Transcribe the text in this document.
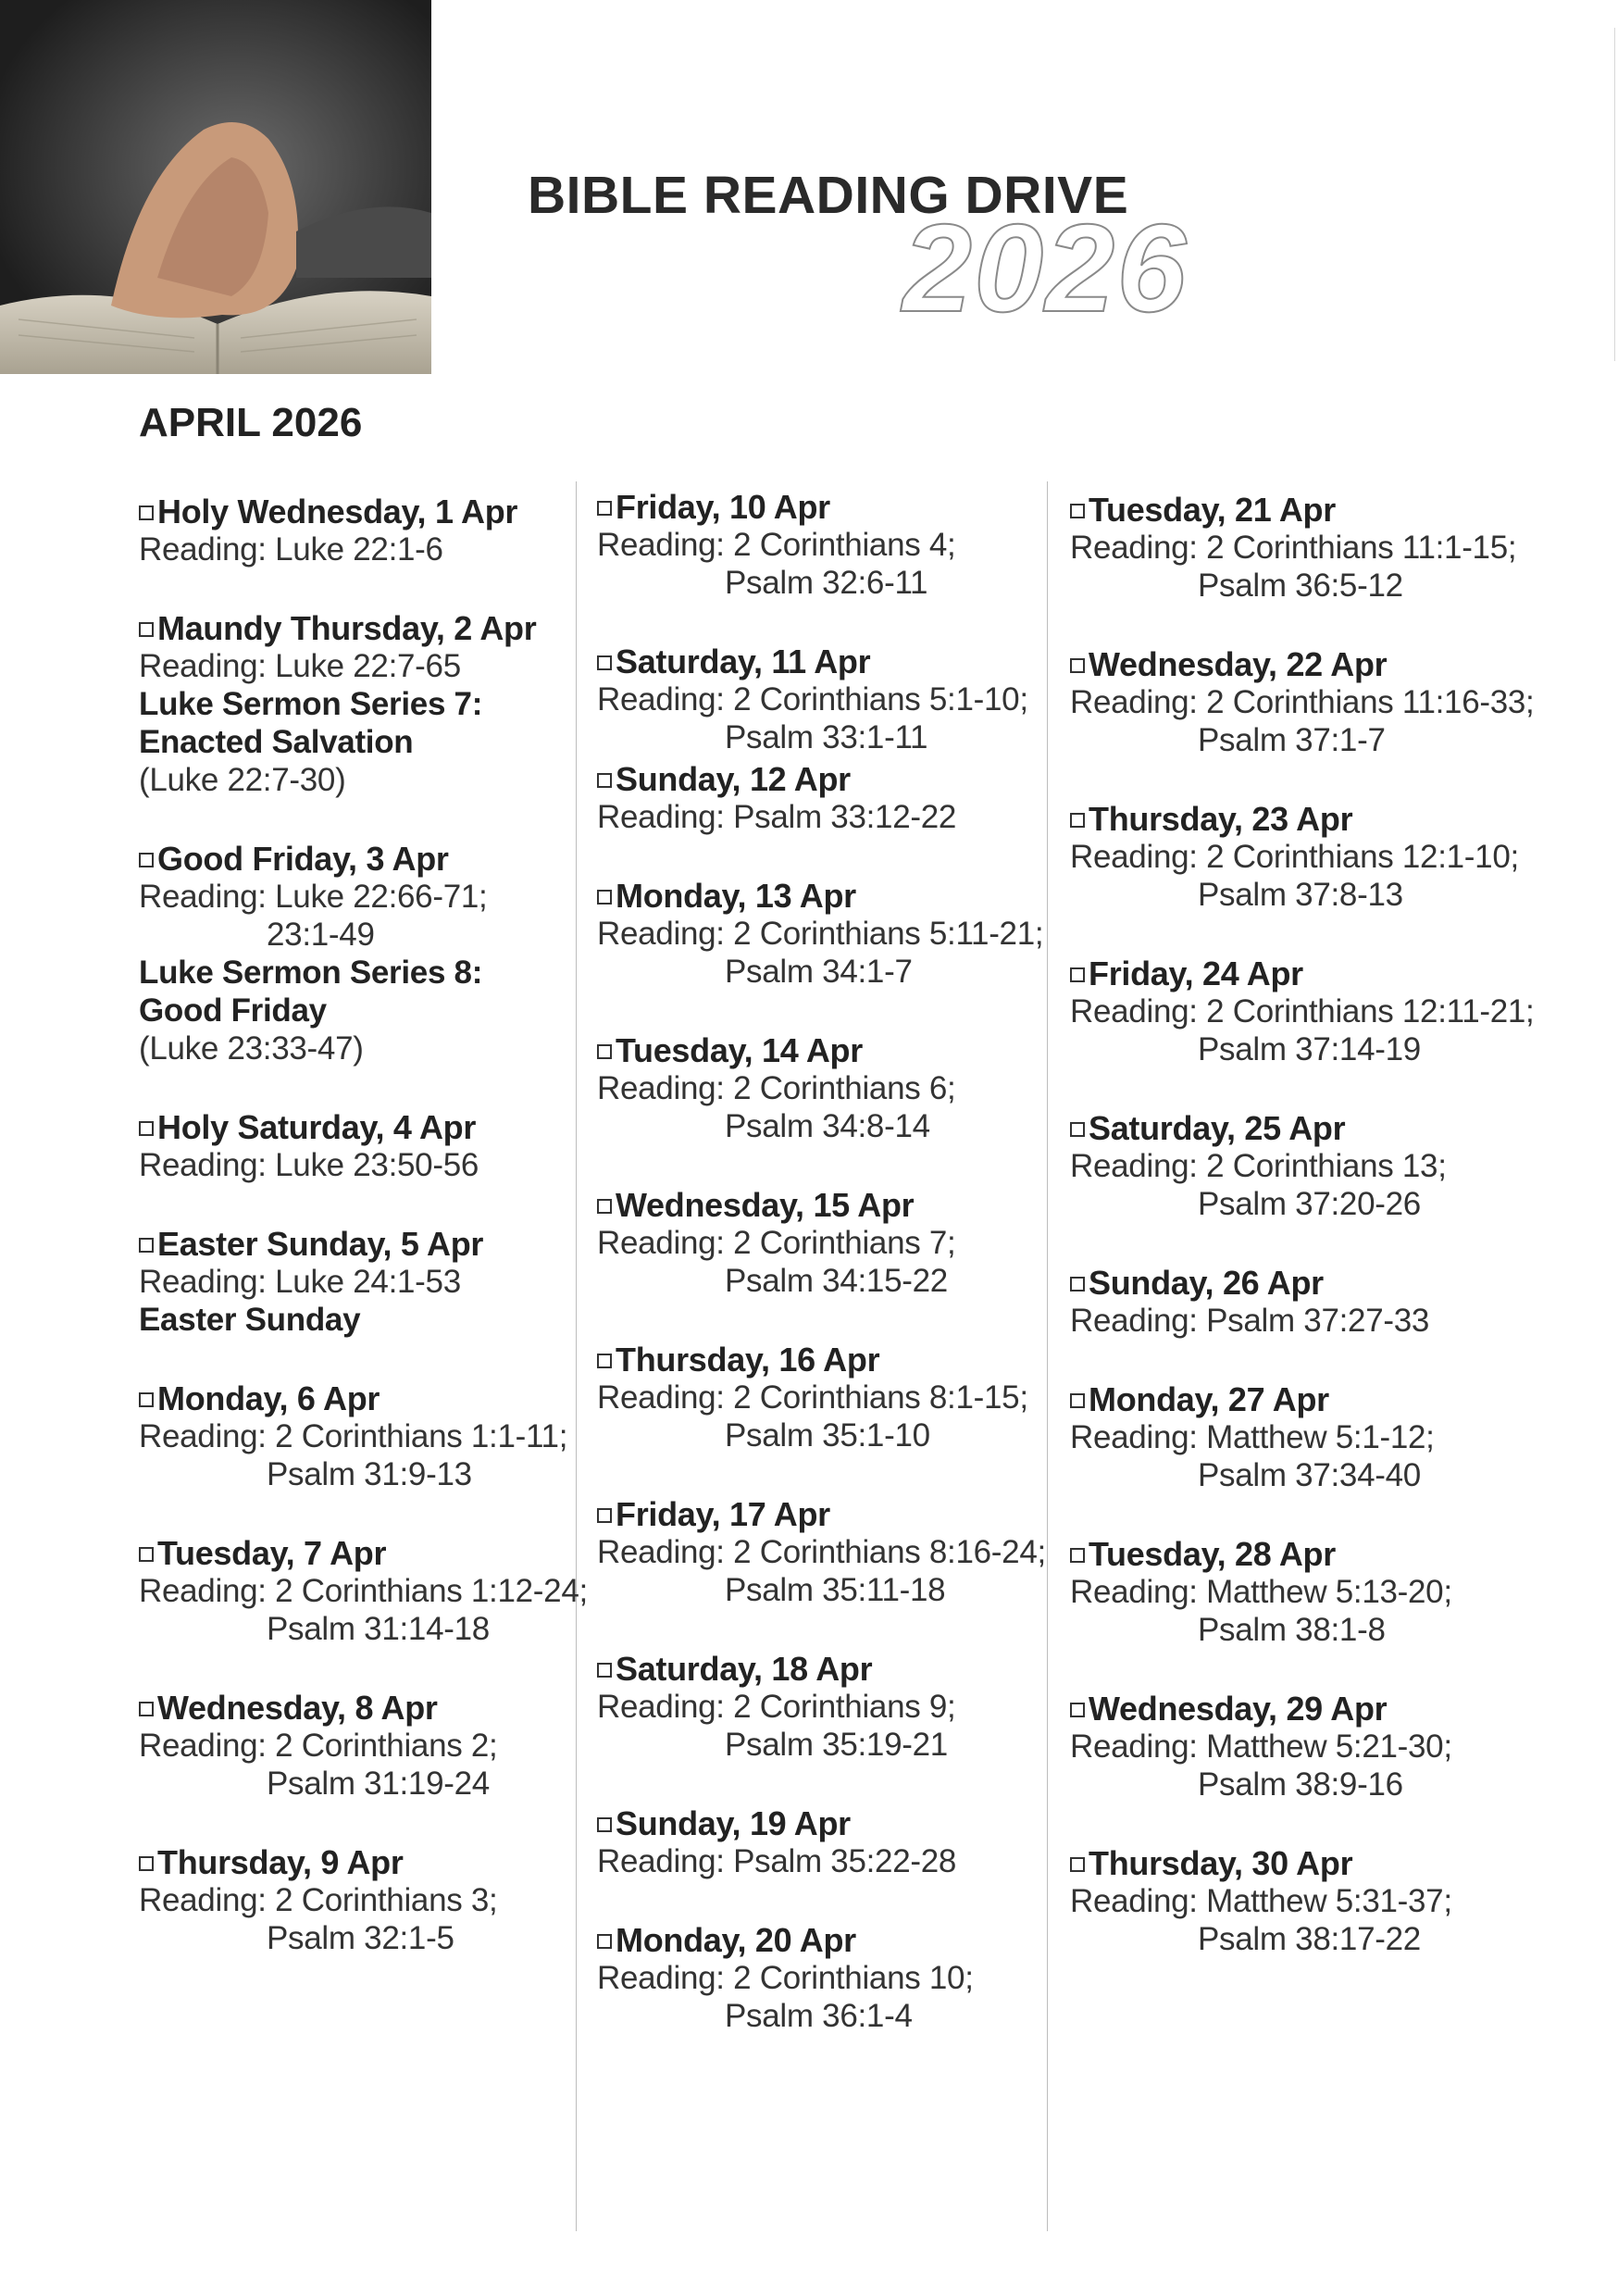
BIBLE READING DRIVE
2026
APRIL 2026
Holy Wednesday, 1 Apr
Reading: Luke 22:1-6
Maundy Thursday, 2 Apr
Reading: Luke 22:7-65
Luke Sermon Series 7:
Enacted Salvation
(Luke 22:7-30)
Good Friday, 3 Apr
Reading: Luke 22:66-71;
23:1-49
Luke Sermon Series 8:
Good Friday
(Luke 23:33-47)
Holy Saturday, 4 Apr
Reading: Luke 23:50-56
Easter Sunday, 5 Apr
Reading: Luke 24:1-53
Easter Sunday
Monday, 6 Apr
Reading: 2 Corinthians 1:1-11;
Psalm 31:9-13
Tuesday, 7 Apr
Reading: 2 Corinthians 1:12-24;
Psalm 31:14-18
Wednesday, 8 Apr
Reading: 2 Corinthians 2;
Psalm 31:19-24
Thursday, 9 Apr
Reading: 2 Corinthians 3;
Psalm 32:1-5
Friday, 10 Apr
Reading: 2 Corinthians 4;
Psalm 32:6-11
Saturday, 11 Apr
Reading: 2 Corinthians 5:1-10;
Psalm 33:1-11
Sunday, 12 Apr
Reading: Psalm 33:12-22
Monday, 13 Apr
Reading: 2 Corinthians 5:11-21;
Psalm 34:1-7
Tuesday, 14 Apr
Reading: 2 Corinthians 6;
Psalm 34:8-14
Wednesday, 15 Apr
Reading: 2 Corinthians 7;
Psalm 34:15-22
Thursday, 16 Apr
Reading: 2 Corinthians 8:1-15;
Psalm 35:1-10
Friday, 17 Apr
Reading: 2 Corinthians 8:16-24;
Psalm 35:11-18
Saturday, 18 Apr
Reading: 2 Corinthians 9;
Psalm 35:19-21
Sunday, 19 Apr
Reading: Psalm 35:22-28
Monday, 20 Apr
Reading: 2 Corinthians 10;
Psalm 36:1-4
Tuesday, 21 Apr
Reading: 2 Corinthians 11:1-15;
Psalm 36:5-12
Wednesday, 22 Apr
Reading: 2 Corinthians 11:16-33;
Psalm 37:1-7
Thursday, 23 Apr
Reading: 2 Corinthians 12:1-10;
Psalm 37:8-13
Friday, 24 Apr
Reading: 2 Corinthians 12:11-21;
Psalm 37:14-19
Saturday, 25 Apr
Reading: 2 Corinthians 13;
Psalm 37:20-26
Sunday, 26 Apr
Reading: Psalm 37:27-33
Monday, 27 Apr
Reading: Matthew 5:1-12;
Psalm 37:34-40
Tuesday, 28 Apr
Reading: Matthew 5:13-20;
Psalm 38:1-8
Wednesday, 29 Apr
Reading: Matthew 5:21-30;
Psalm 38:9-16
Thursday, 30 Apr
Reading: Matthew 5:31-37;
Psalm 38:17-22
